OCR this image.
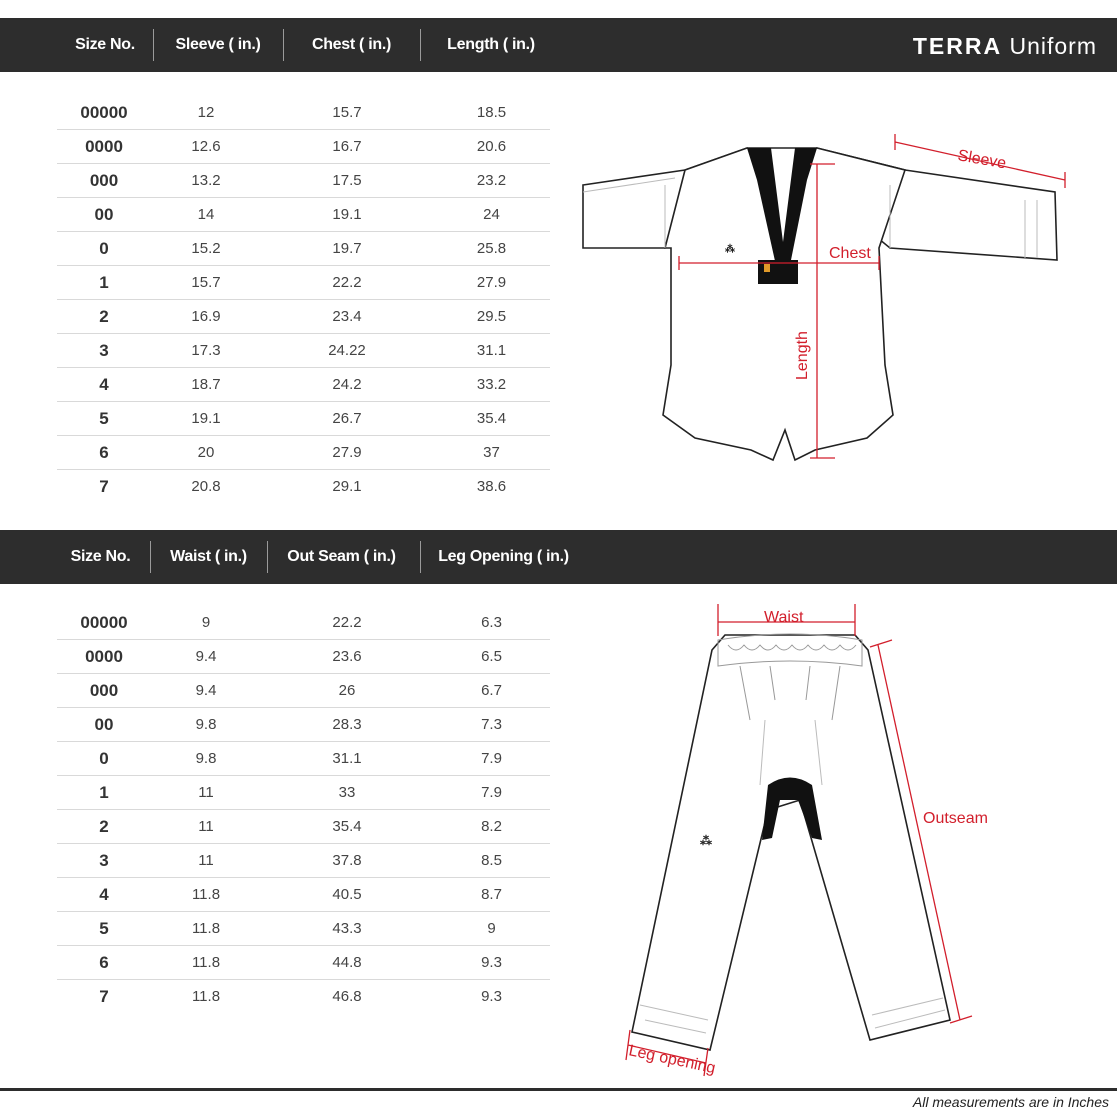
Size No.	Sleeve ( in.)	Chest ( in.)	Length ( in.)	TERRA Uniform
00000	12	15.7	18.5
0000	12.6	16.7	20.6
000	13.2	17.5	23.2
00	14	19.1	24
0	15.2	19.7	25.8
1	15.7	22.2	27.9
2	16.9	23.4	29.5
3	17.3	24.22	31.1
4	18.7	24.2	33.2
5	19.1	26.7	35.4
6	20	27.9	37
7	20.8	29.1	38.6
⁂
Sleeve
Chest
Length
Size No.	Waist ( in.)	Out Seam ( in.)	Leg Opening ( in.)
00000	9	22.2	6.3
0000	9.4	23.6	6.5
000	9.4	26	6.7
00	9.8	28.3	7.3
0	9.8	31.1	7.9
1	11	33	7.9
2	11	35.4	8.2
3	11	37.8	8.5
4	11.8	40.5	8.7
5	11.8	43.3	9
6	11.8	44.8	9.3
7	11.8	46.8	9.3
⁂
Waist
Outseam
Leg opening
All measurements are in Inches
